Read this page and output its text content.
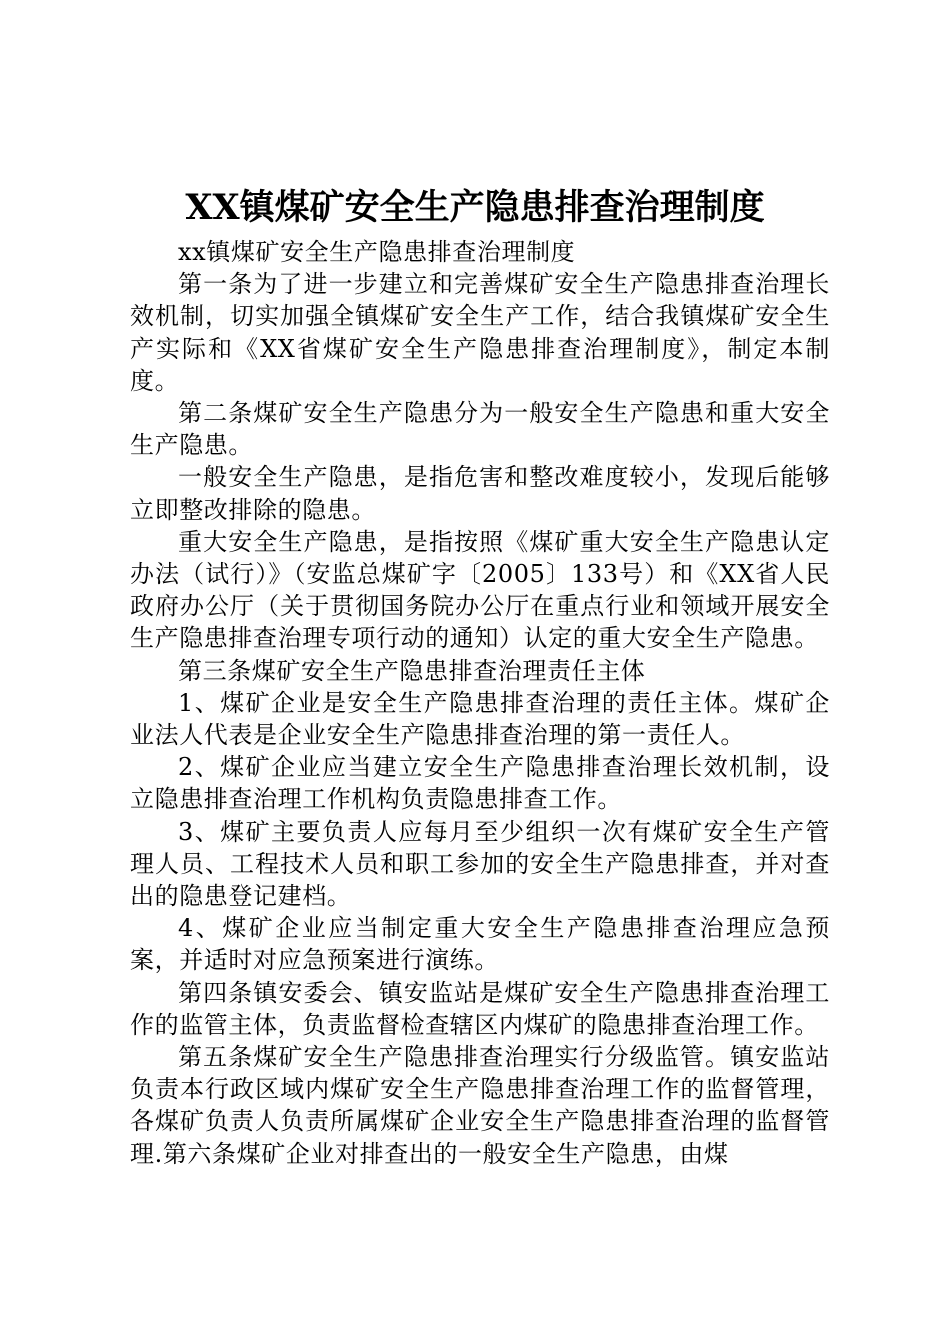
XX镇煤矿安全生产隐患排查治理制度

xx镇煤矿安全生产隐患排查治理制度

第一条为了进一步建立和完善煤矿安全生产隐患排查治理长效机制，切实加强全镇煤矿安全生产工作，结合我镇煤矿安全生产实际和《XX省煤矿安全生产隐患排查治理制度》，制定本制度。

第二条煤矿安全生产隐患分为一般安全生产隐患和重大安全生产隐患。

一般安全生产隐患，是指危害和整改难度较小，发现后能够立即整改排除的隐患。

重大安全生产隐患，是指按照《煤矿重大安全生产隐患认定办法（试行）》（安监总煤矿字〔2005〕133号）和《XX省人民政府办公厅（关于贯彻国务院办公厅在重点行业和领域开展安全生产隐患排查治理专项行动的通知）认定的重大安全生产隐患。

第三条煤矿安全生产隐患排查治理责任主体

1、煤矿企业是安全生产隐患排查治理的责任主体。煤矿企业法人代表是企业安全生产隐患排查治理的第一责任人。

2、煤矿企业应当建立安全生产隐患排查治理长效机制，设立隐患排查治理工作机构负责隐患排查工作。

3、煤矿主要负责人应每月至少组织一次有煤矿安全生产管理人员、工程技术人员和职工参加的安全生产隐患排查，并对查出的隐患登记建档。

4、煤矿企业应当制定重大安全生产隐患排查治理应急预案，并适时对应急预案进行演练。

第四条镇安委会、镇安监站是煤矿安全生产隐患排查治理工作的监管主体，负责监督检查辖区内煤矿的隐患排查治理工作。

第五条煤矿安全生产隐患排查治理实行分级监管。镇安监站负责本行政区域内煤矿安全生产隐患排查治理工作的监督管理，各煤矿负责人负责所属煤矿企业安全生产隐患排查治理的监督管理.第六条煤矿企业对排查出的一般安全生产隐患，由煤
